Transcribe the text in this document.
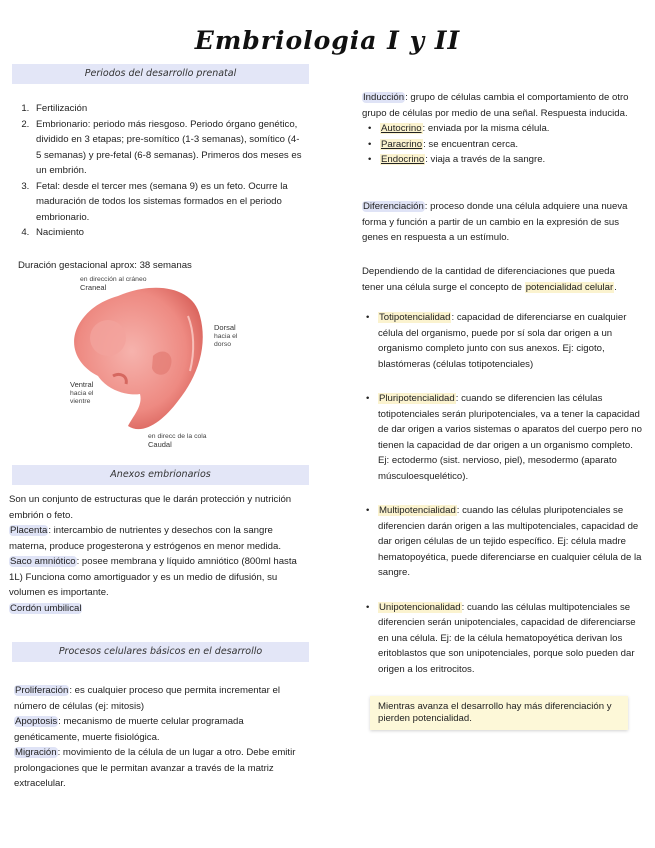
Embriologia I y II
Periodos del desarrollo prenatal
1. Fertilización
2. Embrionario: periodo más riesgoso. Periodo órgano genético, dividido en 3 etapas; pre-somítico (1-3 semanas), somítico (4-5 semanas) y pre-fetal (6-8 semanas). Primeros dos meses es un embrión.
3. Fetal: desde el tercer mes (semana 9) es un feto. Ocurre la maduración de todos los sistemas formados en el periodo embrionario.
4. Nacimiento
Duración gestacional aprox: 38 semanas
en dirección al cráneo
Craneal
Dorsal
hacia el dorso
Ventral
hacia el vientre
en direcc de la cola
Caudal
Anexos embrionarios
Son un conjunto de estructuras que le darán protección y nutrición embrión o feto.
Placenta: intercambio de nutrientes y desechos con la sangre materna, produce progesterona y estrógenos en menor medida.
Saco amniótico: posee membrana y líquido amniótico (800ml hasta 1L) Funciona como amortiguador y es un medio de difusión, su volumen es importante.
Cordón umbilical
Procesos celulares básicos en el desarrollo
Proliferación: es cualquier proceso que permita incrementar el número de células (ej: mitosis)
Apoptosis: mecanismo de muerte celular programada genéticamente, muerte fisiológica.
Migración: movimiento de la célula de un lugar a otro. Debe emitir prolongaciones que le permitan avanzar a través de la matriz extracelular.
Inducción: grupo de células cambia el comportamiento de otro grupo de células por medio de una señal. Respuesta inducida.
• Autocrino: enviada por la misma célula.
• Paracrino: se encuentran cerca.
• Endocrino: viaja a través de la sangre.
Diferenciación: proceso donde una célula adquiere una nueva forma y función a partir de un cambio en la expresión de sus genes en respuesta a un estímulo.
Dependiendo de la cantidad de diferenciaciones que pueda tener una célula surge el concepto de potencialidad celular.
• Totipotencialidad: capacidad de diferenciarse en cualquier célula del organismo, puede por sí sola dar origen a un organismo completo junto con sus anexos. Ej: cigoto, blastómeras (células totipotenciales)
• Pluripotencialidad: cuando se diferencien las células totipotenciales serán pluripotenciales, va a tener la capacidad de dar origen a varios sistemas o aparatos del cuerpo pero no tienen la capacidad de dar origen a un organismo completo. Ej: ectodermo (sist. nervioso, piel), mesodermo (aparato músculoesquelético).
• Multipotencialidad: cuando las células pluripotenciales se diferencien darán origen a las multipotenciales, capacidad de dar origen células de un tejido específico. Ej: célula madre hematopoyética, puede diferenciarse en cualquier célula de la sangre.
• Unipotencionalidad: cuando las células multipotenciales se diferencien serán unipotenciales, capacidad de diferenciarse en una célula. Ej: de la célula hematopoyética derivan los eritoblastos que son unipotenciales, porque solo pueden dar origen a los eritrocitos.
Mientras avanza el desarrollo hay más diferenciación y pierden potencialidad.
